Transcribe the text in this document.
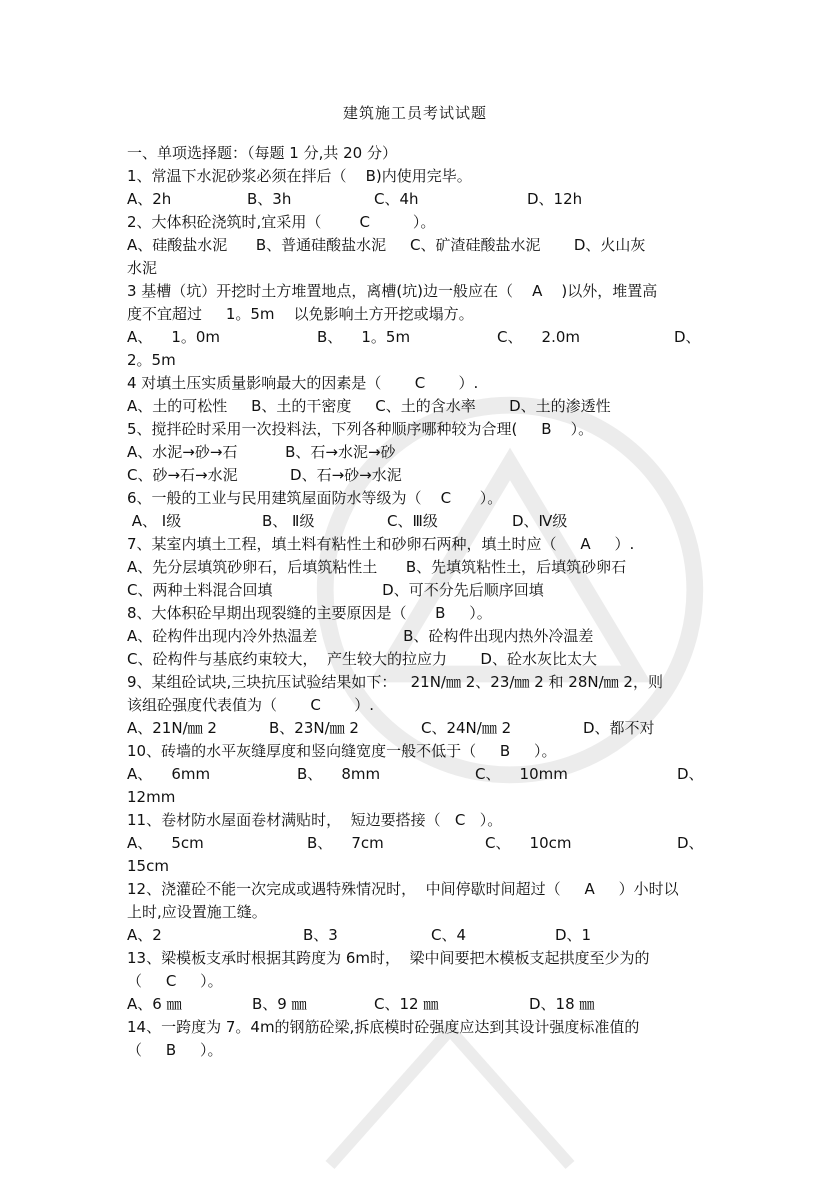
建筑施工员考试试题
一、单项选择题：（每题 1 分,共 20 分）
1、常温下水泥砂浆必须在拌后（    B)内使用完毕。
A、2h	B、3h	C、4h	D、12h
2、大体积砼浇筑时,宜采用（        C         ）。
A、硅酸盐水泥      B、普通硅酸盐水泥     C、矿渣硅酸盐水泥       D、火山灰
水泥
3 基槽（坑）开挖时土方堆置地点，离槽(坑)边一般应在（    A    )以外，堆置高
度不宜超过     1。5m    以免影响土方开挖或塌方。
A、    1。0m	B、    1。5m	C、    2.0m	D、
2。5m
4 对填土压实质量影响最大的因素是（       C       ）.
A、土的可松性     B、土的干密度     C、土的含水率       D、土的渗透性
5、搅拌砼时采用一次投料法，下列各种顺序哪种较为合理(     B    ）。
A、水泥→砂→石          B、石→水泥→砂
C、砂→石→水泥           D、石→砂→水泥
6、一般的工业与民用建筑屋面防水等级为（    C      ）。
A、 Ⅰ级	B、 Ⅱ级	C、Ⅲ级	D、Ⅳ级
7、某室内填土工程，填土料有粘性土和砂卵石两种，填土时应（     A     ）.
A、先分层填筑砂卵石，后填筑粘性土      B、先填筑粘性土，后填筑砂卵石
C、两种土料混合回填                       D、可不分先后顺序回填
8、大体积砼早期出现裂缝的主要原因是（      B     ）。
A、砼构件出现内冷外热温差                  B、砼构件出现内热外冷温差
C、砼构件与基底约束较大，  产生较大的拉应力       D、砼水灰比太大
9、某组砼试块,三块抗压试验结果如下：   21N/㎜ 2、23/㎜ 2 和 28N/㎜ 2，则
该组砼强度代表值为（       C       ）.
A、21N/㎜ 2	B、23N/㎜ 2	C、24N/㎜ 2	D、都不对
10、砖墙的水平灰缝厚度和竖向缝宽度一般不低于（     B     ）。
A、    6mm	B、    8mm	C、    10mm	D、
12mm
11、卷材防水屋面卷材满贴时，  短边要搭接（   C   ）。
A、    5cm	B、    7cm	C、    10cm	D、
15cm
12、浇灌砼不能一次完成或遇特殊情况时，  中间停歇时间超过（     A     ）小时以
上时,应设置施工缝。
A、2	B、3	C、4	D、1
13、梁模板支承时根据其跨度为 6m时，  梁中间要把木模板支起拱度至少为的
（     C     ）。
A、6 ㎜	B、9 ㎜	C、12 ㎜	D、18 ㎜
14、一跨度为 7。4m的钢筋砼梁,拆底模时砼强度应达到其设计强度标准值的
（     B     ）。
